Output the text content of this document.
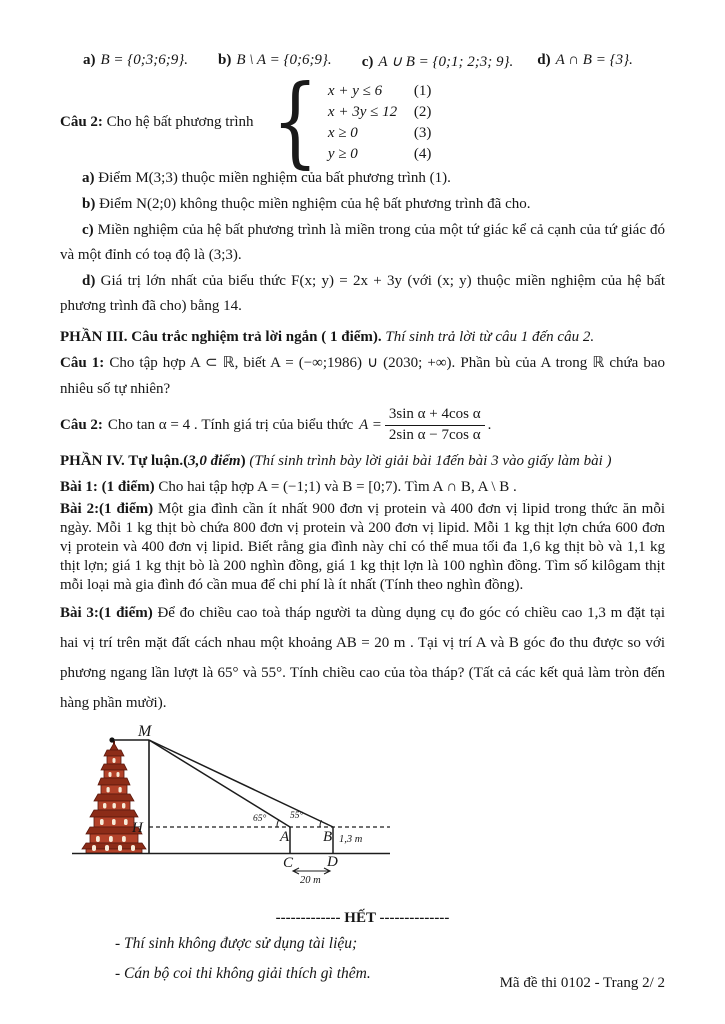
a) B = {0;3;6;9}. b) B \ A = {0;6;9}. c) A ∪ B = {0;1; 2;3; 9}. d) A ∩ B = {3}.
Câu 2: Cho hệ bất phương trình { x + y ≤ 6	(1)
x + 3y ≤ 12	(2)
x ≥ 0	(3)
y ≥ 0	(4)

a) Điểm M(3;3) thuộc miền nghiệm của bất phương trình (1).

b) Điểm N(2;0) không thuộc miền nghiệm của hệ bất phương trình đã cho.

c) Miền nghiệm của hệ bất phương trình là miền trong của một tứ giác kể cả cạnh của tứ giác đó và một đỉnh có toạ độ là (3;3).

d) Giá trị lớn nhất của biểu thức F(x; y) = 2x + 3y (với (x; y) thuộc miền nghiệm của hệ bất phương trình đã cho) bằng 14.

PHẦN III. Câu trắc nghiệm trả lời ngắn ( 1 điểm). Thí sinh trả lời từ câu 1 đến câu 2.

Câu 1: Cho tập hợp A ⊂ ℝ, biết A = (−∞;1986) ∪ (2030; +∞). Phần bù của A trong ℝ chứa bao nhiêu số tự nhiên?

Câu 2: Cho tan α = 4 . Tính giá trị của biểu thức $A = \frac{\text{3sin α + 4cos α}}{\text{2sin α − 7cos α}}$ .

PHẦN IV. Tự luận.(3,0 điểm) (Thí sinh trình bày lời giải bài 1đến bài 3 vào giấy làm bài )

Bài 1: (1 điểm) Cho hai tập hợp A = (−1;1) và B = [0;7). Tìm A ∩ B, A \ B .

Bài 2:(1 điểm) Một gia đình cần ít nhất 900 đơn vị protein và 400 đơn vị lipid trong thức ăn mỗi ngày. Mỗi 1 kg thịt bò chứa 800 đơn vị protein và 200 đơn vị lipid. Mỗi 1 kg thịt lợn chứa 600 đơn vị protein và 400 đơn vị lipid. Biết rằng gia đình này chỉ có thể mua tối đa 1,6 kg thịt bò và 1,1 kg thịt lợn; giá 1 kg thịt bò là 200 nghìn đồng, giá 1 kg thịt lợn là 100 nghìn đồng. Tìm số kilôgam thịt mỗi loại mà gia đình đó cần mua để chi phí là ít nhất (Tính theo nghìn đồng).

Bài 3:(1 điểm) Để đo chiều cao toà tháp người ta dùng dụng cụ đo góc có chiều cao 1,3 m đặt tại hai vị trí trên mặt đất cách nhau một khoảng AB = 20 m . Tại vị trí A và B góc đo thu được so với phương ngang lần lượt là 65° và 55°. Tính chiều cao của tòa tháp? (Tất cả các kết quả làm tròn đến hàng phần mười).

M
H
A B
C D
65° 55°
1,3 m
20 m

------------- HẾT --------------

- Thí sinh không được sử dụng tài liệu;

- Cán bộ coi thi không giải thích gì thêm.

Mã đề thi 0102 - Trang 2/ 2
